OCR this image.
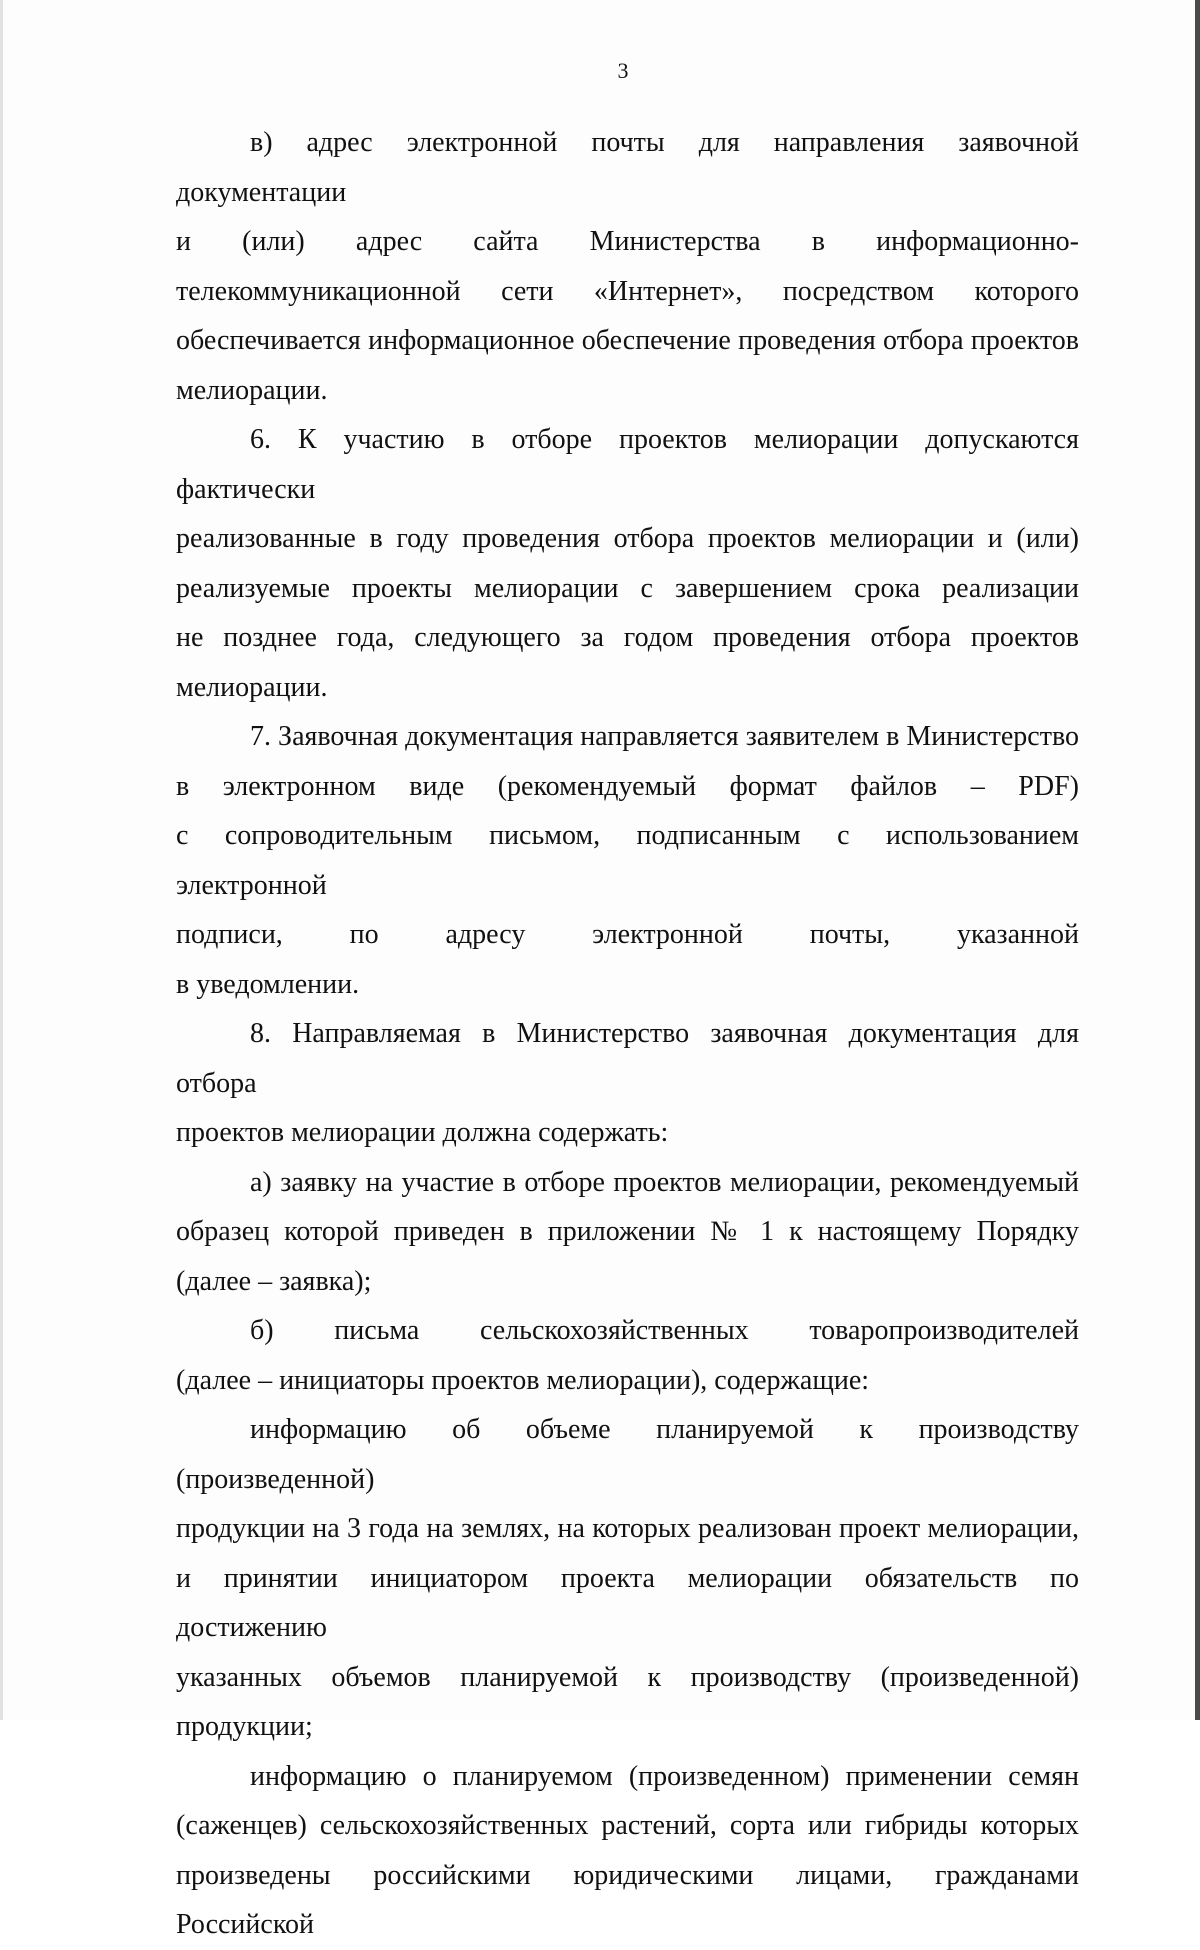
3

в) адрес электронной почты для направления заявочной документации

и (или) адрес сайта Министерства в информационно-

телекоммуникационной сети «Интернет», посредством которого

обеспечивается информационное обеспечение проведения отбора проектов

мелиорации.

6. К участию в отборе проектов мелиорации допускаются фактически

реализованные в году проведения отбора проектов мелиорации и (или)

реализуемые проекты мелиорации с завершением срока реализации

не позднее года, следующего за годом проведения отбора проектов

мелиорации.

7. Заявочная документация направляется заявителем в Министерство

в электронном виде (рекомендуемый формат файлов – PDF)

с сопроводительным письмом, подписанным с использованием электронной

подписи, по адресу электронной почты, указанной

в уведомлении.

8. Направляемая в Министерство заявочная документация для отбора

проектов мелиорации должна содержать:

а) заявку на участие в отборе проектов мелиорации, рекомендуемый

образец которой приведен в приложении № 1 к настоящему Порядку

(далее – заявка);

б) письма сельскохозяйственных товаропроизводителей

(далее – инициаторы проектов мелиорации), содержащие:

информацию об объеме планируемой к производству (произведенной)

продукции на 3 года на землях, на которых реализован проект мелиорации,

и принятии инициатором проекта мелиорации обязательств по достижению

указанных объемов планируемой к производству (произведенной)

продукции;

информацию о планируемом (произведенном) применении семян

(саженцев) сельскохозяйственных растений, сорта или гибриды которых

произведены российскими юридическими лицами, гражданами Российской
